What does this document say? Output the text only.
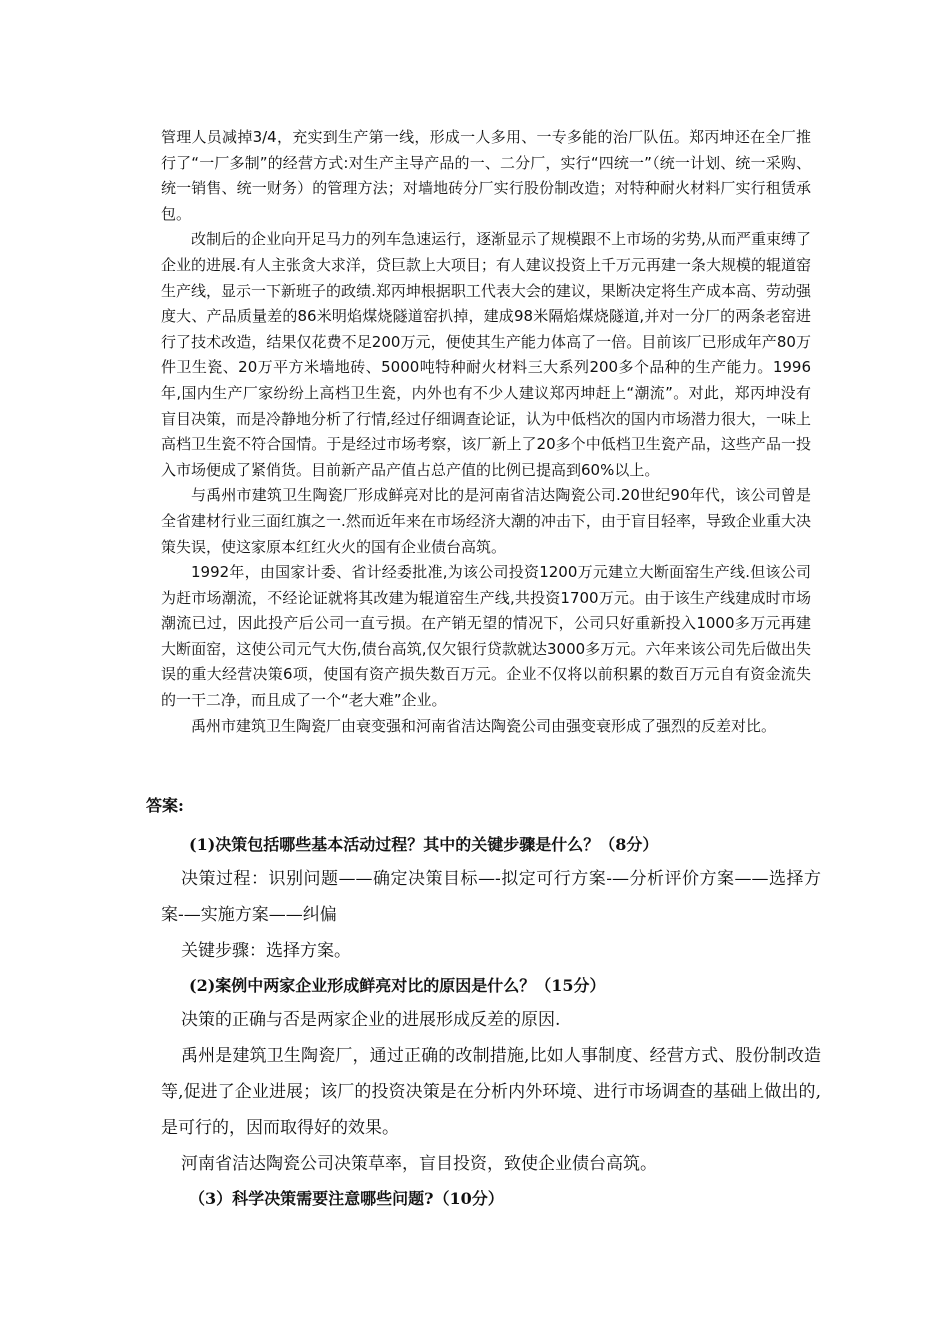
管理人员减掉3/4，充实到生产第一线，形成一人多用、一专多能的治厂队伍。郑丙坤还在全厂推行了“一厂多制”的经营方式:对生产主导产品的一、二分厂，实行“四统一”（统一计划、统一采购、统一销售、统一财务）的管理方法；对墙地砖分厂实行股份制改造；对特种耐火材料厂实行租赁承包。

改制后的企业向开足马力的列车急速运行，逐渐显示了规模跟不上市场的劣势,从而严重束缚了企业的进展.有人主张贪大求洋，贷巨款上大项目；有人建议投资上千万元再建一条大规模的辊道窑生产线，显示一下新班子的政绩.郑丙坤根据职工代表大会的建议，果断决定将生产成本高、劳动强度大、产品质量差的86米明焰煤烧隧道窑扒掉，建成98米隔焰煤烧隧道,并对一分厂的两条老窑进行了技术改造，结果仅花费不足200万元，便使其生产能力体高了一倍。目前该厂已形成年产80万件卫生瓷、20万平方米墙地砖、5000吨特种耐火材料三大系列200多个品种的生产能力。1996年,国内生产厂家纷纷上高档卫生瓷，内外也有不少人建议郑丙坤赶上“潮流”。对此，郑丙坤没有盲目决策，而是冷静地分析了行情,经过仔细调查论证，认为中低档次的国内市场潜力很大，一味上高档卫生瓷不符合国情。于是经过市场考察，该厂新上了20多个中低档卫生瓷产品，这些产品一投入市场便成了紧俏货。目前新产品产值占总产值的比例已提高到60%以上。

与禹州市建筑卫生陶瓷厂形成鲜亮对比的是河南省洁达陶瓷公司.20世纪90年代，该公司曾是全省建材行业三面红旗之一.然而近年来在市场经济大潮的冲击下，由于盲目轻率，导致企业重大决策失误，使这家原本红红火火的国有企业债台高筑。

1992年，由国家计委、省计经委批准,为该公司投资1200万元建立大断面窑生产线.但该公司为赶市场潮流，不经论证就将其改建为辊道窑生产线,共投资1700万元。由于该生产线建成时市场潮流已过，因此投产后公司一直亏损。在产销无望的情况下，公司只好重新投入1000多万元再建大断面窑，这使公司元气大伤,债台高筑,仅欠银行贷款就达3000多万元。六年来该公司先后做出失误的重大经营决策6项，使国有资产损失数百万元。企业不仅将以前积累的数百万元自有资金流失的一干二净，而且成了一个“老大难”企业。

禹州市建筑卫生陶瓷厂由衰变强和河南省洁达陶瓷公司由强变衰形成了强烈的反差对比。

答案:

(1)决策包括哪些基本活动过程？其中的关键步骤是什么？（8分）

决策过程：识别问题——确定决策目标—-拟定可行方案-—分析评价方案——选择方案-—实施方案——纠偏

关键步骤：选择方案。

(2)案例中两家企业形成鲜亮对比的原因是什么？（15分）

决策的正确与否是两家企业的进展形成反差的原因.

禹州是建筑卫生陶瓷厂，通过正确的改制措施,比如人事制度、经营方式、股份制改造等,促进了企业进展；该厂的投资决策是在分析内外环境、进行市场调查的基础上做出的,是可行的，因而取得好的效果。

河南省洁达陶瓷公司决策草率，盲目投资，致使企业债台高筑。

（3）科学决策需要注意哪些问题?（10分）
